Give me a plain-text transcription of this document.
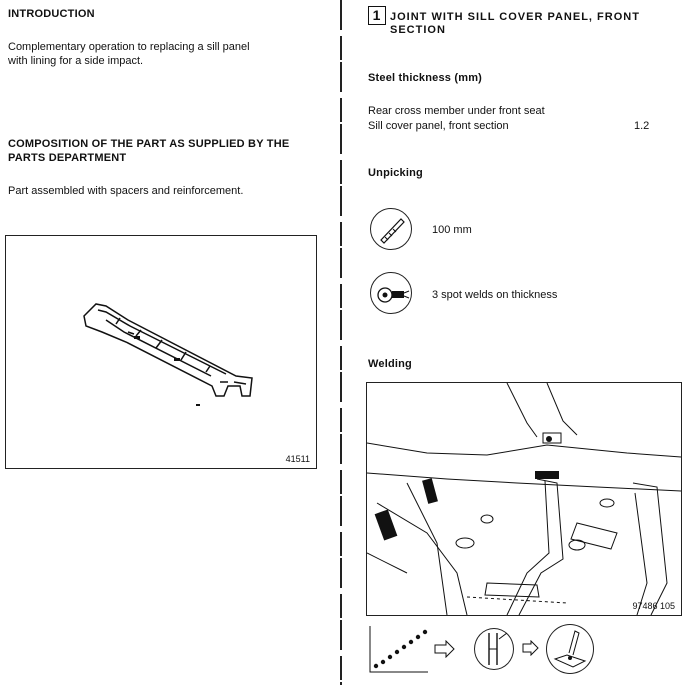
INTRODUCTION
Complementary operation to replacing a sill panel
with lining for a side impact.
COMPOSITION OF THE PART AS SUPPLIED BY THE
PARTS DEPARTMENT
Part assembled with spacers and reinforcement.
41511
1 JOINT WITH SILL COVER PANEL, FRONT
SECTION
Steel thickness (mm)
Rear cross member under front seat
Sill cover panel, front section	1.2
Unpicking
100 mm
3 spot welds on thickness
Welding
97486 105
